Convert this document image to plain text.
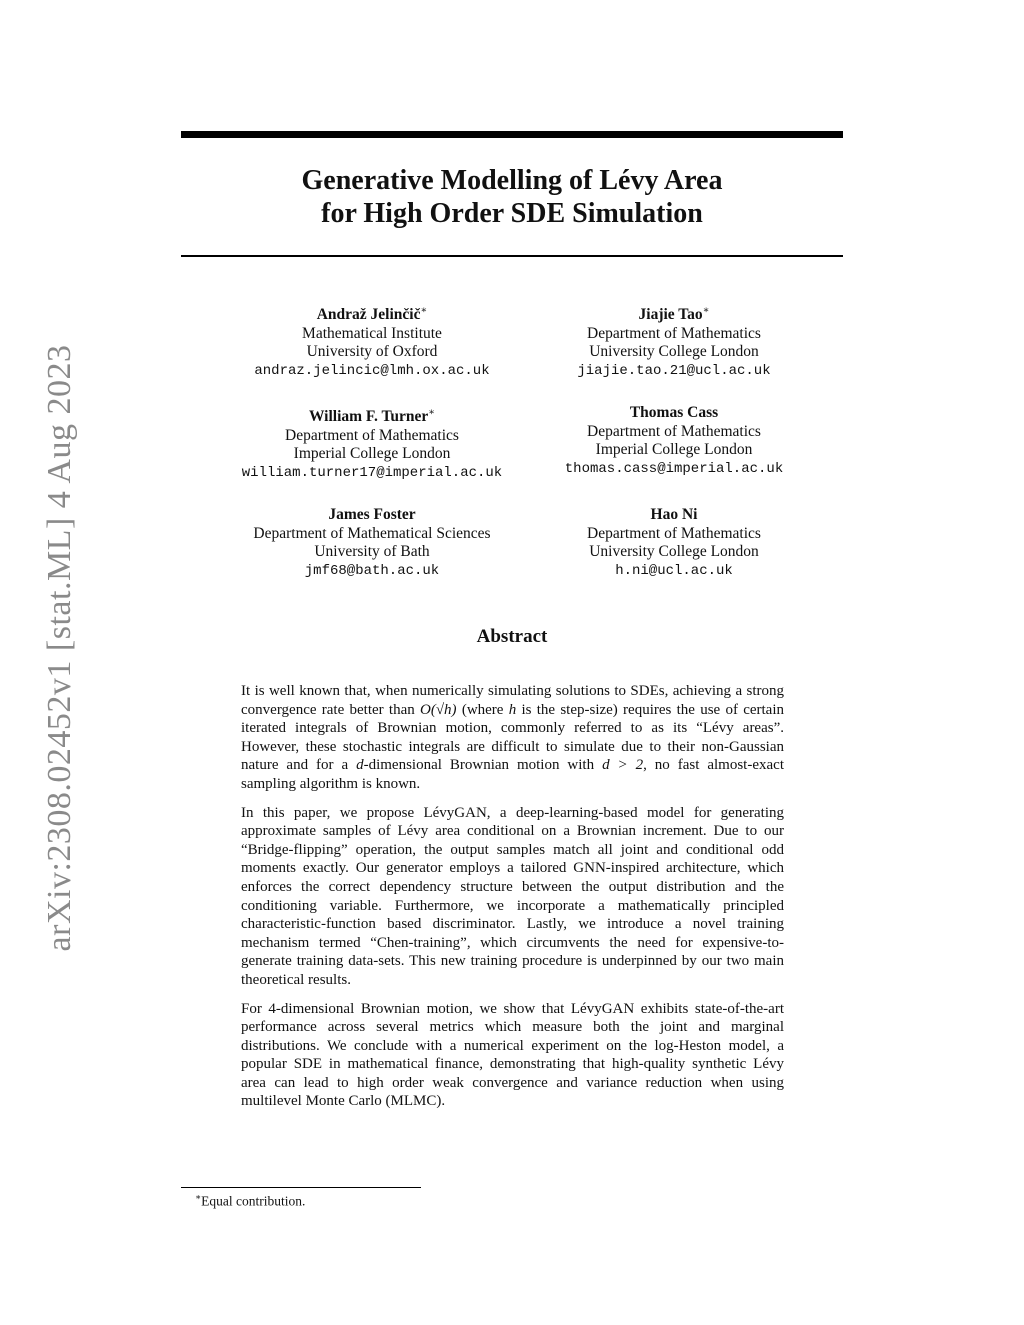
arXiv:2308.02452v1 [stat.ML] 4 Aug 2023
Generative Modelling of Lévy Area
for High Order SDE Simulation
Andraž Jelinčič∗
Mathematical Institute
University of Oxford
andraz.jelincic@lmh.ox.ac.uk
Jiajie Tao∗
Department of Mathematics
University College London
jiajie.tao.21@ucl.ac.uk
William F. Turner∗
Department of Mathematics
Imperial College London
william.turner17@imperial.ac.uk
Thomas Cass
Department of Mathematics
Imperial College London
thomas.cass@imperial.ac.uk
James Foster
Department of Mathematical Sciences
University of Bath
jmf68@bath.ac.uk
Hao Ni
Department of Mathematics
University College London
h.ni@ucl.ac.uk
Abstract

It is well known that, when numerically simulating solutions to SDEs, achieving a strong convergence rate better than O(√h) (where h is the step-size) requires the use of certain iterated integrals of Brownian motion, commonly referred to as its “Lévy areas”. However, these stochastic integrals are difficult to simulate due to their non-Gaussian nature and for a d-dimensional Brownian motion with d > 2, no fast almost-exact sampling algorithm is known.

In this paper, we propose LévyGAN, a deep-learning-based model for generating approximate samples of Lévy area conditional on a Brownian increment. Due to our “Bridge-flipping” operation, the output samples match all joint and conditional odd moments exactly. Our generator employs a tailored GNN-inspired architecture, which enforces the correct dependency structure between the output distribution and the conditioning variable. Furthermore, we incorporate a mathematically principled characteristic-function based discriminator. Lastly, we introduce a novel training mechanism termed “Chen-training”, which circumvents the need for expensive-to-generate training data-sets. This new training procedure is underpinned by our two main theoretical results.

For 4-dimensional Brownian motion, we show that LévyGAN exhibits state-of-the-art performance across several metrics which measure both the joint and marginal distributions. We conclude with a numerical experiment on the log-Heston model, a popular SDE in mathematical finance, demonstrating that high-quality synthetic Lévy area can lead to high order weak convergence and variance reduction when using multilevel Monte Carlo (MLMC).

∗Equal contribution.
